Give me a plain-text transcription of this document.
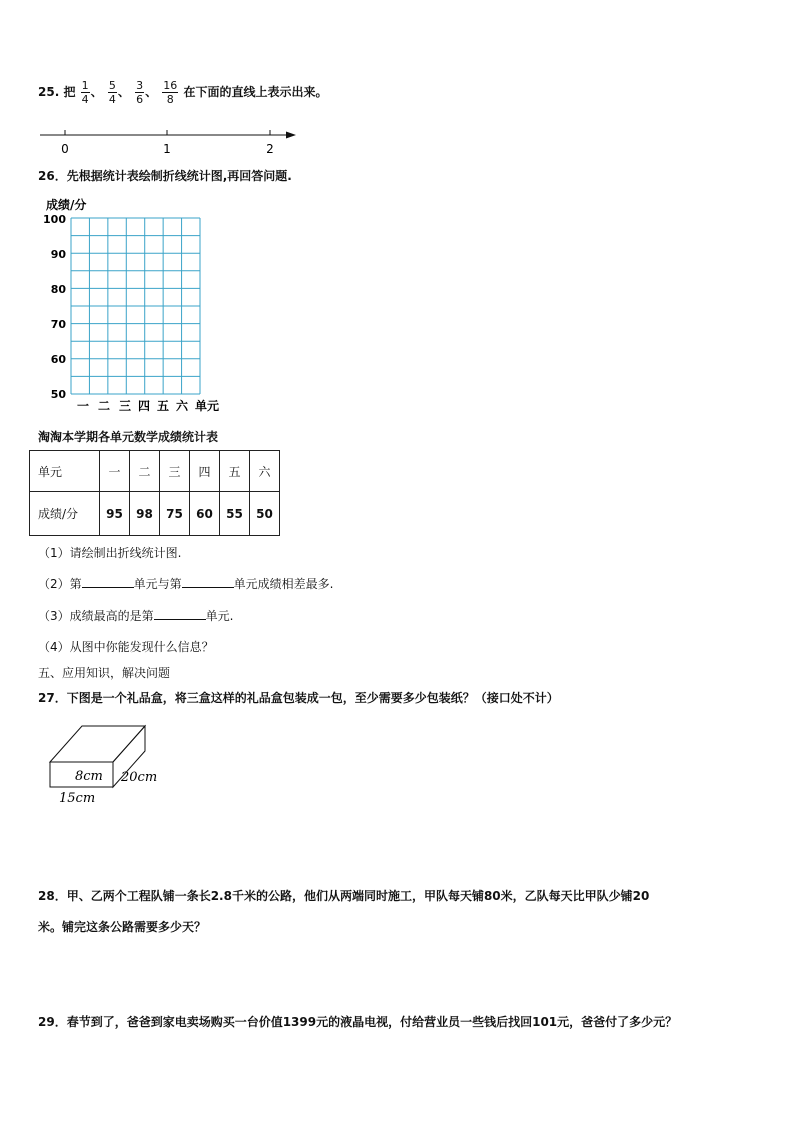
25. 把 $\frac{1}{4}$ 、 $\frac{5}{4}$ 、 $\frac{3}{6}$ 、 $\frac{16}{8}$ 在下面的直线上表示出来。
0	1	2
26．先根据统计表绘制折线统计图,再回答问题.
成绩/分
100
90
80
70
60
50
一 二 三 四 五 六 单元
淘淘本学期各单元数学成绩统计表
单元	一	二	三	四	五	六
成绩/分	95	98	75	60	55	50
（1）请绘制出折线统计图.
（2）第	单元与第	单元成绩相差最多.
（3）成绩最高的是第	单元.
（4）从图中你能发现什么信息？
五、应用知识，解决问题
27．下图是一个礼品盒，将三盒这样的礼品盒包装成一包，至少需要多少包装纸？（接口处不计）
8cm 20cm
15cm
28．甲、乙两个工程队铺一条长2.8千米的公路，他们从两端同时施工，甲队每天铺80米，乙队每天比甲队少铺20
米。铺完这条公路需要多少天？
29．春节到了，爸爸到家电卖场购买一台价值1399元的液晶电视，付给营业员一些钱后找回101元，爸爸付了多少元？
